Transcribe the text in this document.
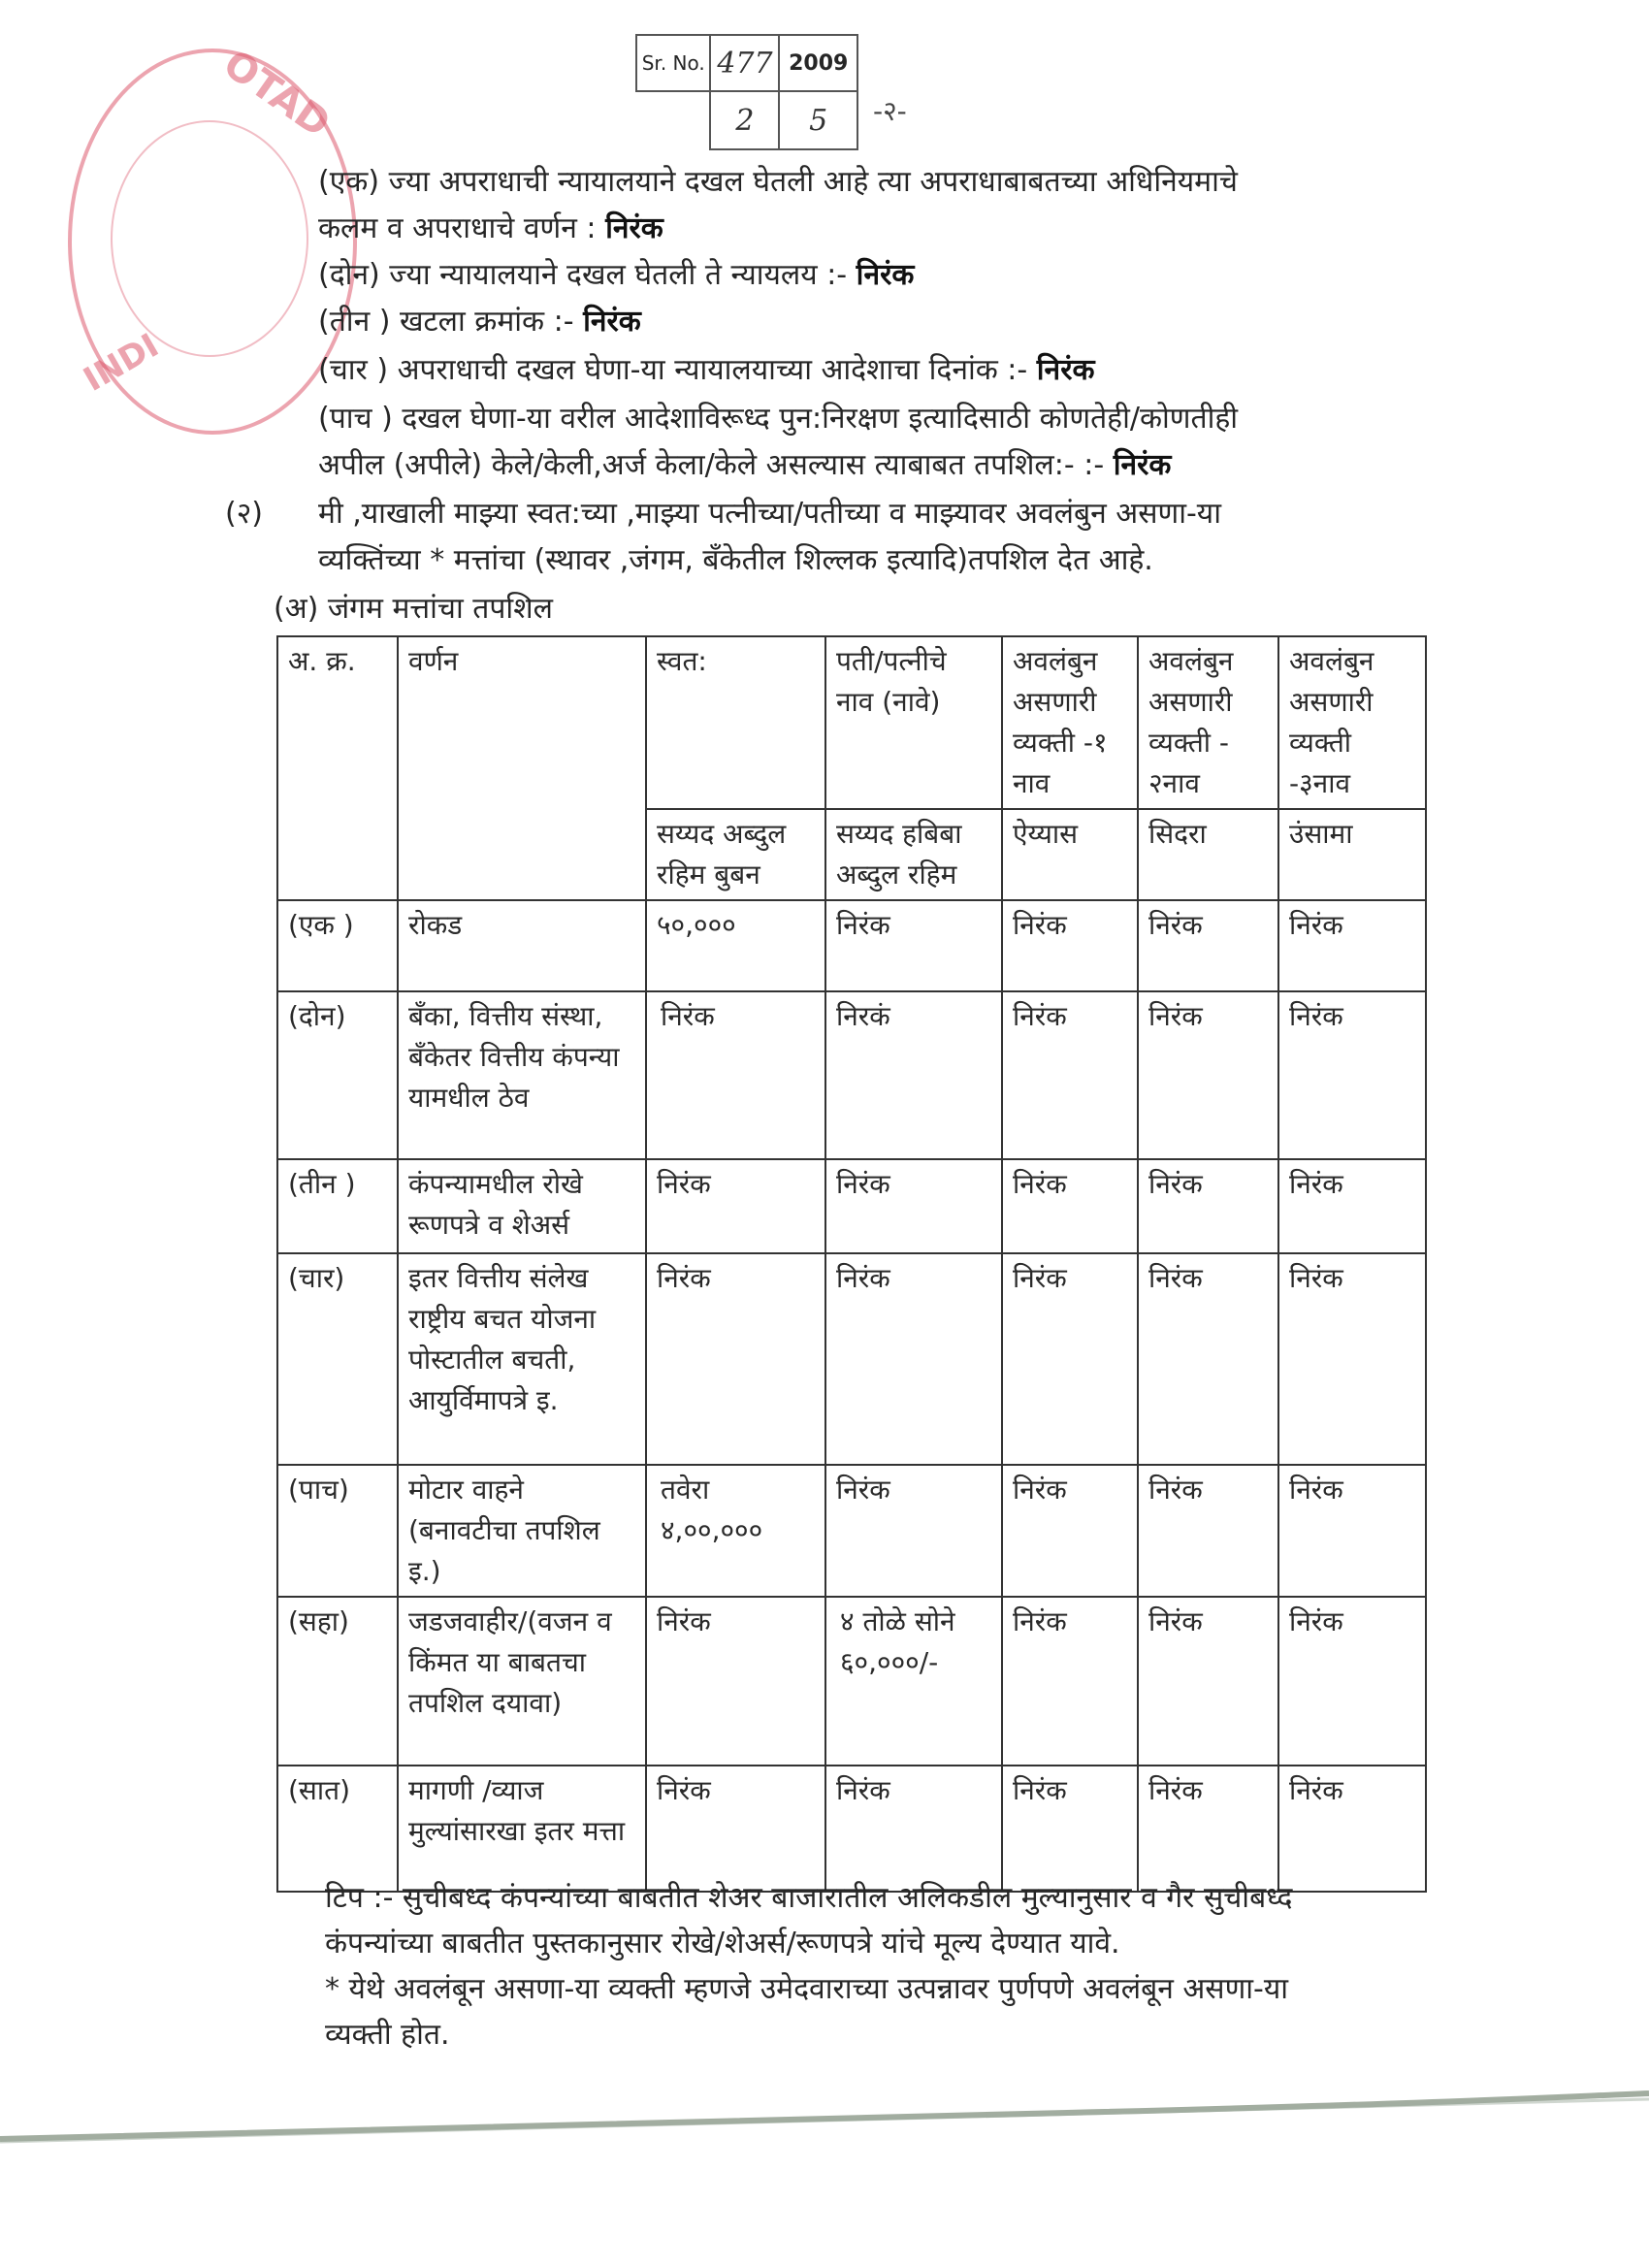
OTAD
INDI
Sr. No.	477	2009
	2	5 -२-
(एक) ज्या अपराधाची न्यायालयाने दखल घेतली आहे त्या अपराधाबाबतच्या अधिनियमाचे
कलम व अपराधाचे वर्णन : निरंक
(दोन) ज्या न्यायालयाने दखल घेतली ते न्यायलय :- निरंक
(तीन ) खटला क्रमांक :- निरंक
(चार ) अपराधाची दखल घेणा-या न्यायालयाच्या आदेशाचा दिनांक :- निरंक
(पाच ) दखल घेणा-या वरील आदेशाविरूध्द पुन:निरक्षण इत्यादिसाठी कोणतेही/कोणतीही
अपील (अपीले) केले/केली,अर्ज केला/केले असल्यास त्याबाबत तपशिल:- :- निरंक
(२) मी ,याखाली माझ्या स्वत:च्या ,माझ्या पत्नीच्या/पतीच्या व माझ्यावर अवलंबुन असणा-या
व्यक्तिंच्या * मत्तांचा (स्थावर ,जंगम, बँकेतील शिल्लक इत्यादि)तपशिल देत आहे.
(अ) जंगम मत्तांचा तपशिल
अ. क्र.	वर्णन	स्वत:	पती/पत्नीचे नाव (नावे)	अवलंबुन असणारी व्यक्ती -१ नाव	अवलंबुन असणारी व्यक्ती - २नाव	अवलंबुन असणारी व्यक्ती -३नाव
		सय्यद अब्दुल रहिम बुबन	सय्यद हबिबा अब्दुल रहिम	ऐय्यास	सिदरा	उंसामा
(एक )	रोकड	५०,०००	निरंक	निरंक	निरंक	निरंक
(दोन)	बँका, वित्तीय संस्था, बँकेतर वित्तीय कंपन्या यामधील ठेव	निरंक	निरकं	निरंक	निरंक	निरंक
(तीन )	कंपन्यामधील रोखे रूणपत्रे व शेअर्स	निरंक	निरंक	निरंक	निरंक	निरंक
(चार)	इतर वित्तीय संलेख राष्ट्रीय बचत योजना पोस्टातील बचती, आयुर्विमापत्रे इ.	निरंक	निरंक	निरंक	निरंक	निरंक
(पाच)	मोटार वाहने (बनावटीचा तपशिल इ.)	तवेरा ४,००,०००	निरंक	निरंक	निरंक	निरंक
(सहा)	जडजवाहीर/(वजन व किंमत या बाबतचा तपशिल दयावा)	निरंक	४ तोळे सोने ६०,०००/-	निरंक	निरंक	निरंक
(सात)	मागणी /व्याज मुल्यांसारखा इतर मत्ता	निरंक	निरंक	निरंक	निरंक	निरंक
टिप :- सुचीबध्द कंपन्यांच्या बाबतीत शेअर बाजारातील अलिकडील मुल्यानुसार व गैर सुचीबध्द
कंपन्यांच्या बाबतीत पुस्तकानुसार रोखे/शेअर्स/रूणपत्रे यांचे मूल्य देण्यात यावे.
* येथे अवलंबून असणा-या व्यक्ती म्हणजे उमेदवाराच्या उत्पन्नावर पुर्णपणे अवलंबून असणा-या
व्यक्ती होत.
